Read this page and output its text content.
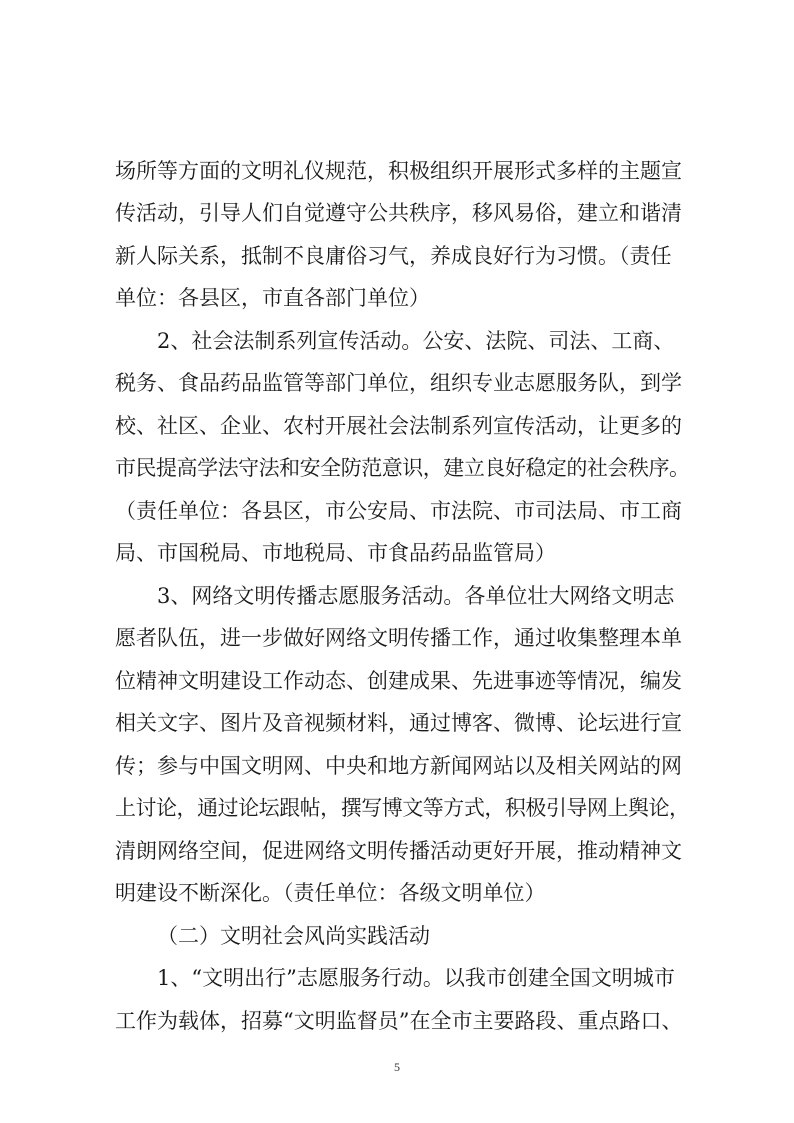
场所等方面的文明礼仪规范，积极组织开展形式多样的主题宣
传活动，引导人们自觉遵守公共秩序，移风易俗，建立和谐清
新人际关系，抵制不良庸俗习气，养成良好行为习惯。（责任
单位：各县区，市直各部门单位）
2、社会法制系列宣传活动。公安、法院、司法、工商、
税务、食品药品监管等部门单位，组织专业志愿服务队，到学
校、社区、企业、农村开展社会法制系列宣传活动，让更多的
市民提高学法守法和安全防范意识，建立良好稳定的社会秩序。
（责任单位：各县区，市公安局、市法院、市司法局、市工商
局、市国税局、市地税局、市食品药品监管局）
3、网络文明传播志愿服务活动。各单位壮大网络文明志
愿者队伍，进一步做好网络文明传播工作，通过收集整理本单
位精神文明建设工作动态、创建成果、先进事迹等情况，编发
相关文字、图片及音视频材料，通过博客、微博、论坛进行宣
传；参与中国文明网、中央和地方新闻网站以及相关网站的网
上讨论，通过论坛跟帖，撰写博文等方式，积极引导网上舆论，
清朗网络空间，促进网络文明传播活动更好开展，推动精神文
明建设不断深化。（责任单位：各级文明单位）
（二）文明社会风尚实践活动
1、“文明出行”志愿服务行动。以我市创建全国文明城市
工作为载体，招募“文明监督员”在全市主要路段、重点路口、
5
